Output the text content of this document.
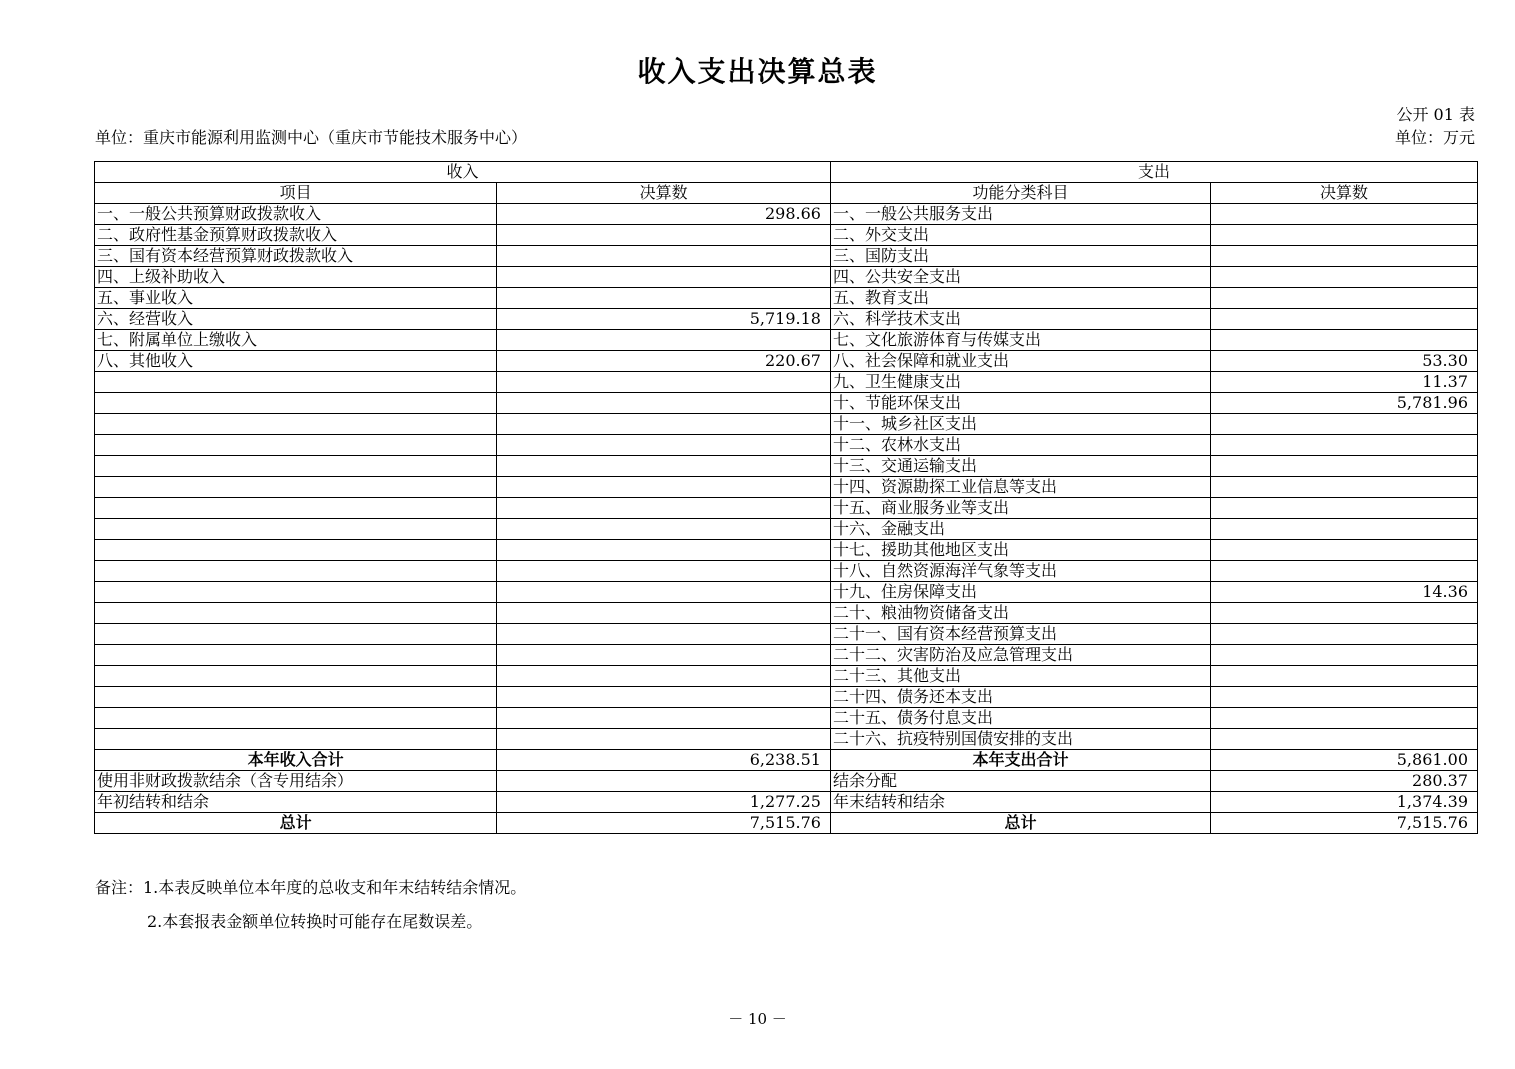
收入支出决算总表
公开 01 表
单位：重庆市能源利用监测中心（重庆市节能技术服务中心）	单位：万元
收入		支出	
项目	决算数	功能分类科目	决算数
一、一般公共预算财政拨款收入	298.66	一、一般公共服务支出	
二、政府性基金预算财政拨款收入		二、外交支出	
三、国有资本经营预算财政拨款收入		三、国防支出	
四、上级补助收入		四、公共安全支出	
五、事业收入		五、教育支出	
六、经营收入	5,719.18	六、科学技术支出	
七、附属单位上缴收入		七、文化旅游体育与传媒支出	
八、其他收入	220.67	八、社会保障和就业支出	53.30
		九、卫生健康支出	11.37
		十、节能环保支出	5,781.96
		十一、城乡社区支出	
		十二、农林水支出	
		十三、交通运输支出	
		十四、资源勘探工业信息等支出	
		十五、商业服务业等支出	
		十六、金融支出	
		十七、援助其他地区支出	
		十八、自然资源海洋气象等支出	
		十九、住房保障支出	14.36
		二十、粮油物资储备支出	
		二十一、国有资本经营预算支出	
		二十二、灾害防治及应急管理支出	
		二十三、其他支出	
		二十四、债务还本支出	
		二十五、债务付息支出	
		二十六、抗疫特别国债安排的支出	
本年收入合计	6,238.51	本年支出合计	5,861.00
使用非财政拨款结余（含专用结余）		结余分配	280.37
年初结转和结余	1,277.25	年末结转和结余	1,374.39
总计	7,515.76	总计	7,515.76
备注：1.本表反映单位本年度的总收支和年末结转结余情况。
2.本套报表金额单位转换时可能存在尾数误差。
－ 10 －
